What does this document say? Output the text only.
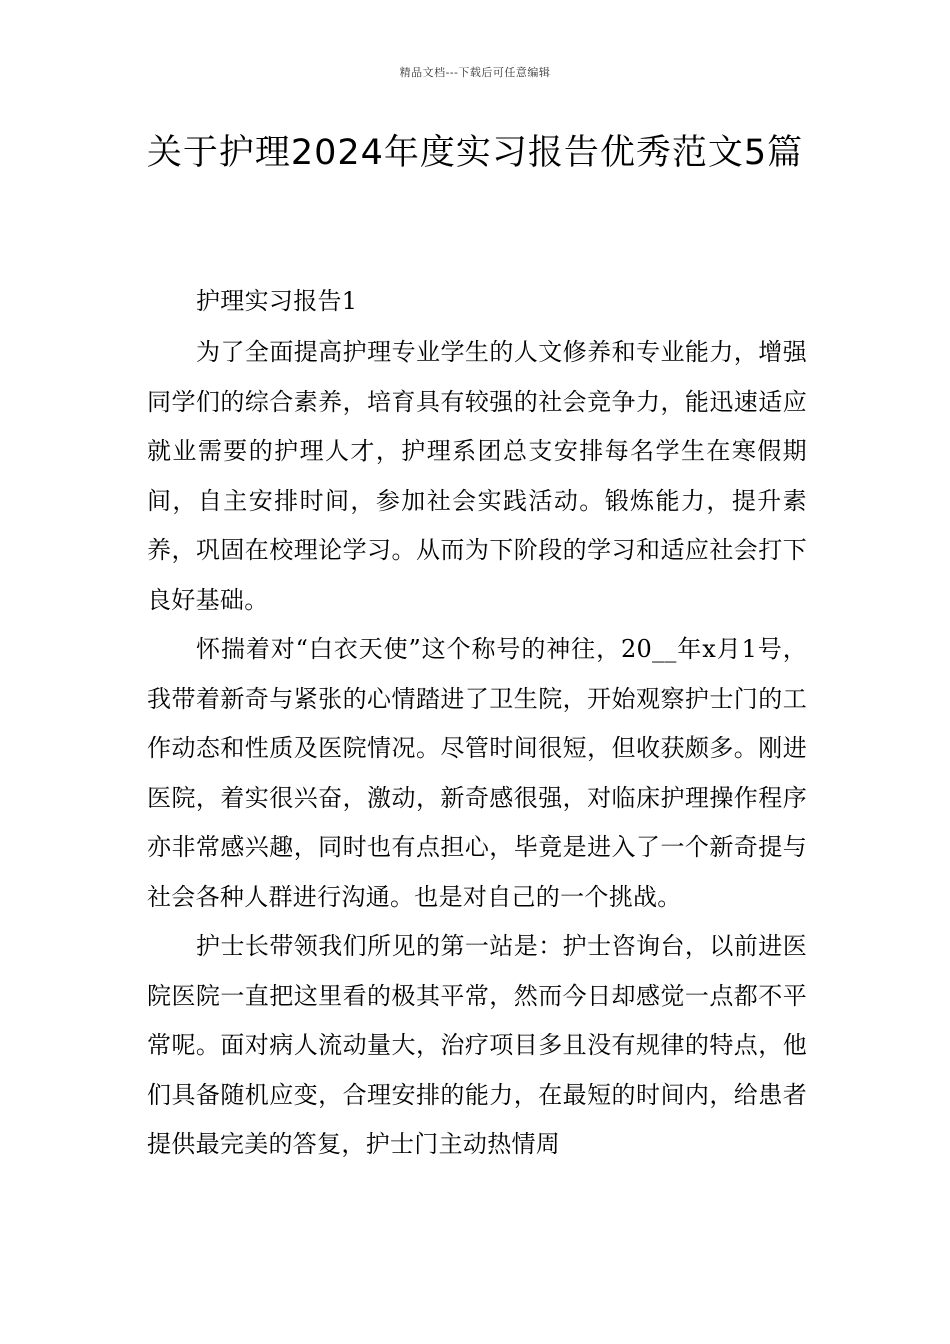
精品文档---下载后可任意编辑
关于护理2024年度实习报告优秀范文5篇

护理实习报告1

为了全面提高护理专业学生的人文修养和专业能力，增强同学们的综合素养，培育具有较强的社会竞争力，能迅速适应就业需要的护理人才，护理系团总支安排每名学生在寒假期间，自主安排时间，参加社会实践活动。锻炼能力，提升素养，巩固在校理论学习。从而为下阶段的学习和适应社会打下良好基础。

怀揣着对“白衣天使”这个称号的神往，20__年x月1号，我带着新奇与紧张的心情踏进了卫生院，开始观察护士门的工作动态和性质及医院情况。尽管时间很短，但收获颇多。刚进医院，着实很兴奋，激动，新奇感很强，对临床护理操作程序亦非常感兴趣，同时也有点担心，毕竟是进入了一个新奇提与社会各种人群进行沟通。也是对自己的一个挑战。

护士长带领我们所见的第一站是：护士咨询台，以前进医院医院一直把这里看的极其平常，然而今日却感觉一点都不平常呢。面对病人流动量大，治疗项目多且没有规律的特点，他们具备随机应变，合理安排的能力，在最短的时间内，给患者提供最完美的答复，护士门主动热情周
